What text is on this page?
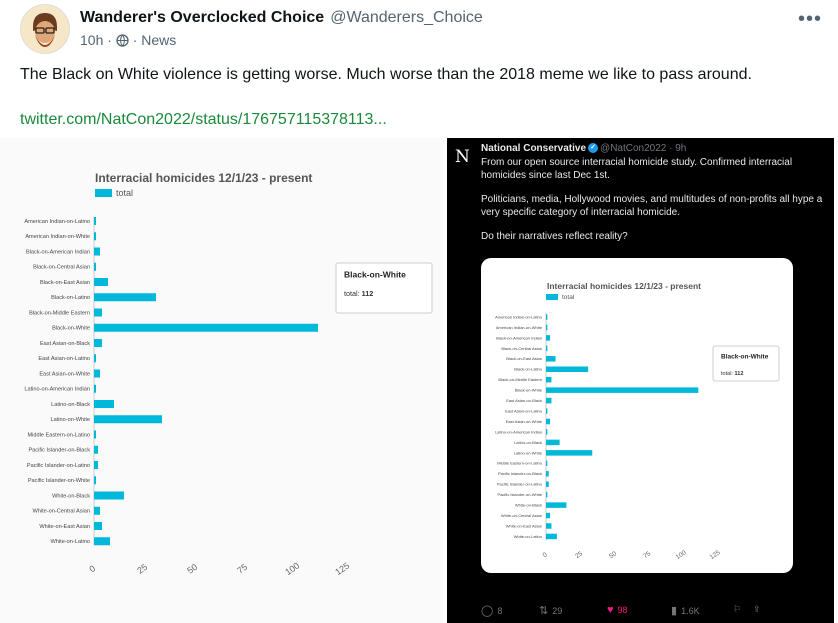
Wanderer's Overclocked Choice @Wanderers_Choice
10h · · News
•••
The Black on White violence is getting worse. Much worse than the 2018 meme we like to pass around.
twitter.com/NatCon2022/status/176757115378113...
Interracial homicides 12/1/23 - present
total
American Indian-on-Latino
American Indian-on-White
Black-on-American Indian
Black-on-Central Asian
Black-on-East Asian
Black-on-Latino
Black-on-Middle Eastern
Black-on-White
East Asian-on-Black
East Asian-on-Latino
East Asian-on-White
Latino-on-American Indian
Latino-on-Black
Latino-on-White
Middle Eastern-on-Latino
Pacific Islander-on-Black
Pacific Islander-on-Latino
Pacific Islander-on-White
White-on-Black
White-on-Central Asian
White-on-East Asian
White-on-Latino
0	25	50	75	100	125
Black-on-White
total: 112
N National Conservative ✓ @NatCon2022 · 9h

From our open source interracial homicide study. Confirmed interracial homicides since last Dec 1st.

Politicians, media, Hollywood movies, and multitudes of non-profits all hype a very specific category of interracial homicide.

Do their narratives reflect reality?

Interracial homicides 12/1/23 - present
total
American Indian-on-Latino
American Indian-on-White
Black-on-American Indian
Black-on-Central Asian
Black-on-East Asian
Black-on-Latino
Black-on-Middle Eastern
Black-on-White
East Asian-on-Black
East Asian-on-Latino
East Asian-on-White
Latino-on-American Indian
Latino-on-Black
Latino-on-White
Middle Eastern-on-Latino
Pacific Islander-on-Black
Pacific Islander-on-Latino
Pacific Islander-on-White
White-on-Black
White-on-Central Asian
White-on-East Asian
White-on-Latino
0	25	50	75	100	125
Black-on-White
total: 112
◯ 8	⇅ 29	♥ 98	▮ 1.6K	⚐ ⇪
